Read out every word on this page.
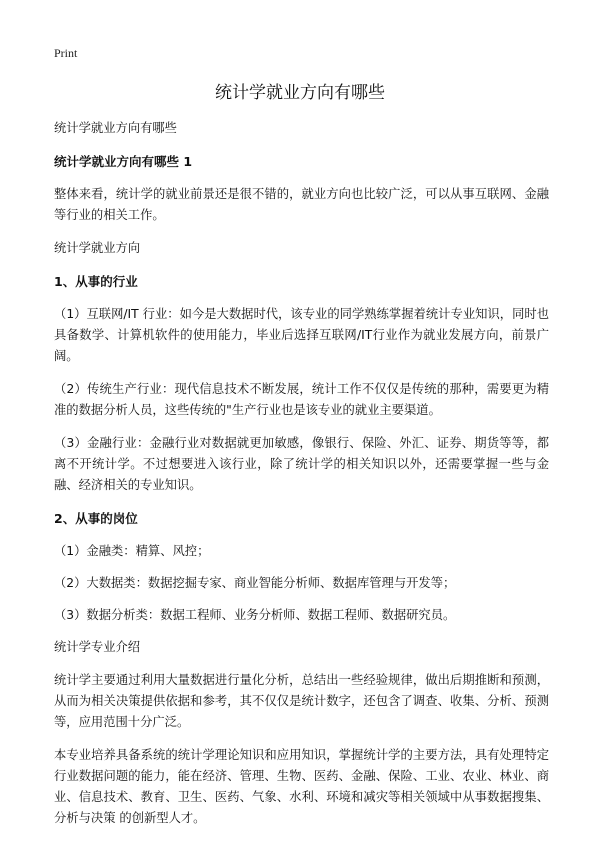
Print
统计学就业方向有哪些

统计学就业方向有哪些

统计学就业方向有哪些 1

整体来看，统计学的就业前景还是很不错的，就业方向也比较广泛，可以从事互联网、金融等行业的相关工作。

统计学就业方向

1、从事的行业

（1）互联网/IT 行业：如今是大数据时代，该专业的同学熟练掌握着统计专业知识，同时也具备数学、计算机软件的使用能力，毕业后选择互联网/IT行业作为就业发展方向，前景广阔。

（2）传统生产行业：现代信息技术不断发展，统计工作不仅仅是传统的那种，需要更为精准的数据分析人员，这些传统的"生产行业也是该专业的就业主要渠道。

（3）金融行业：金融行业对数据就更加敏感，像银行、保险、外汇、证券、期货等等，都离不开统计学。不过想要进入该行业，除了统计学的相关知识以外，还需要掌握一些与金融、经济相关的专业知识。

2、从事的岗位

（1）金融类：精算、风控；

（2）大数据类：数据挖掘专家、商业智能分析师、数据库管理与开发等；

（3）数据分析类：数据工程师、业务分析师、数据工程师、数据研究员。

统计学专业介绍

统计学主要通过利用大量数据进行量化分析，总结出一些经验规律，做出后期推断和预测，从而为相关决策提供依据和参考，其不仅仅是统计数字，还包含了调查、收集、分析、预测等，应用范围十分广泛。

本专业培养具备系统的统计学理论知识和应用知识，掌握统计学的主要方法，具有处理特定行业数据问题的能力，能在经济、管理、生物、医药、金融、保险、工业、农业、林业、商业、信息技术、教育、卫生、医药、气象、水利、环境和减灾等相关领域中从事数据搜集、分析与决策 的创新型人才。
